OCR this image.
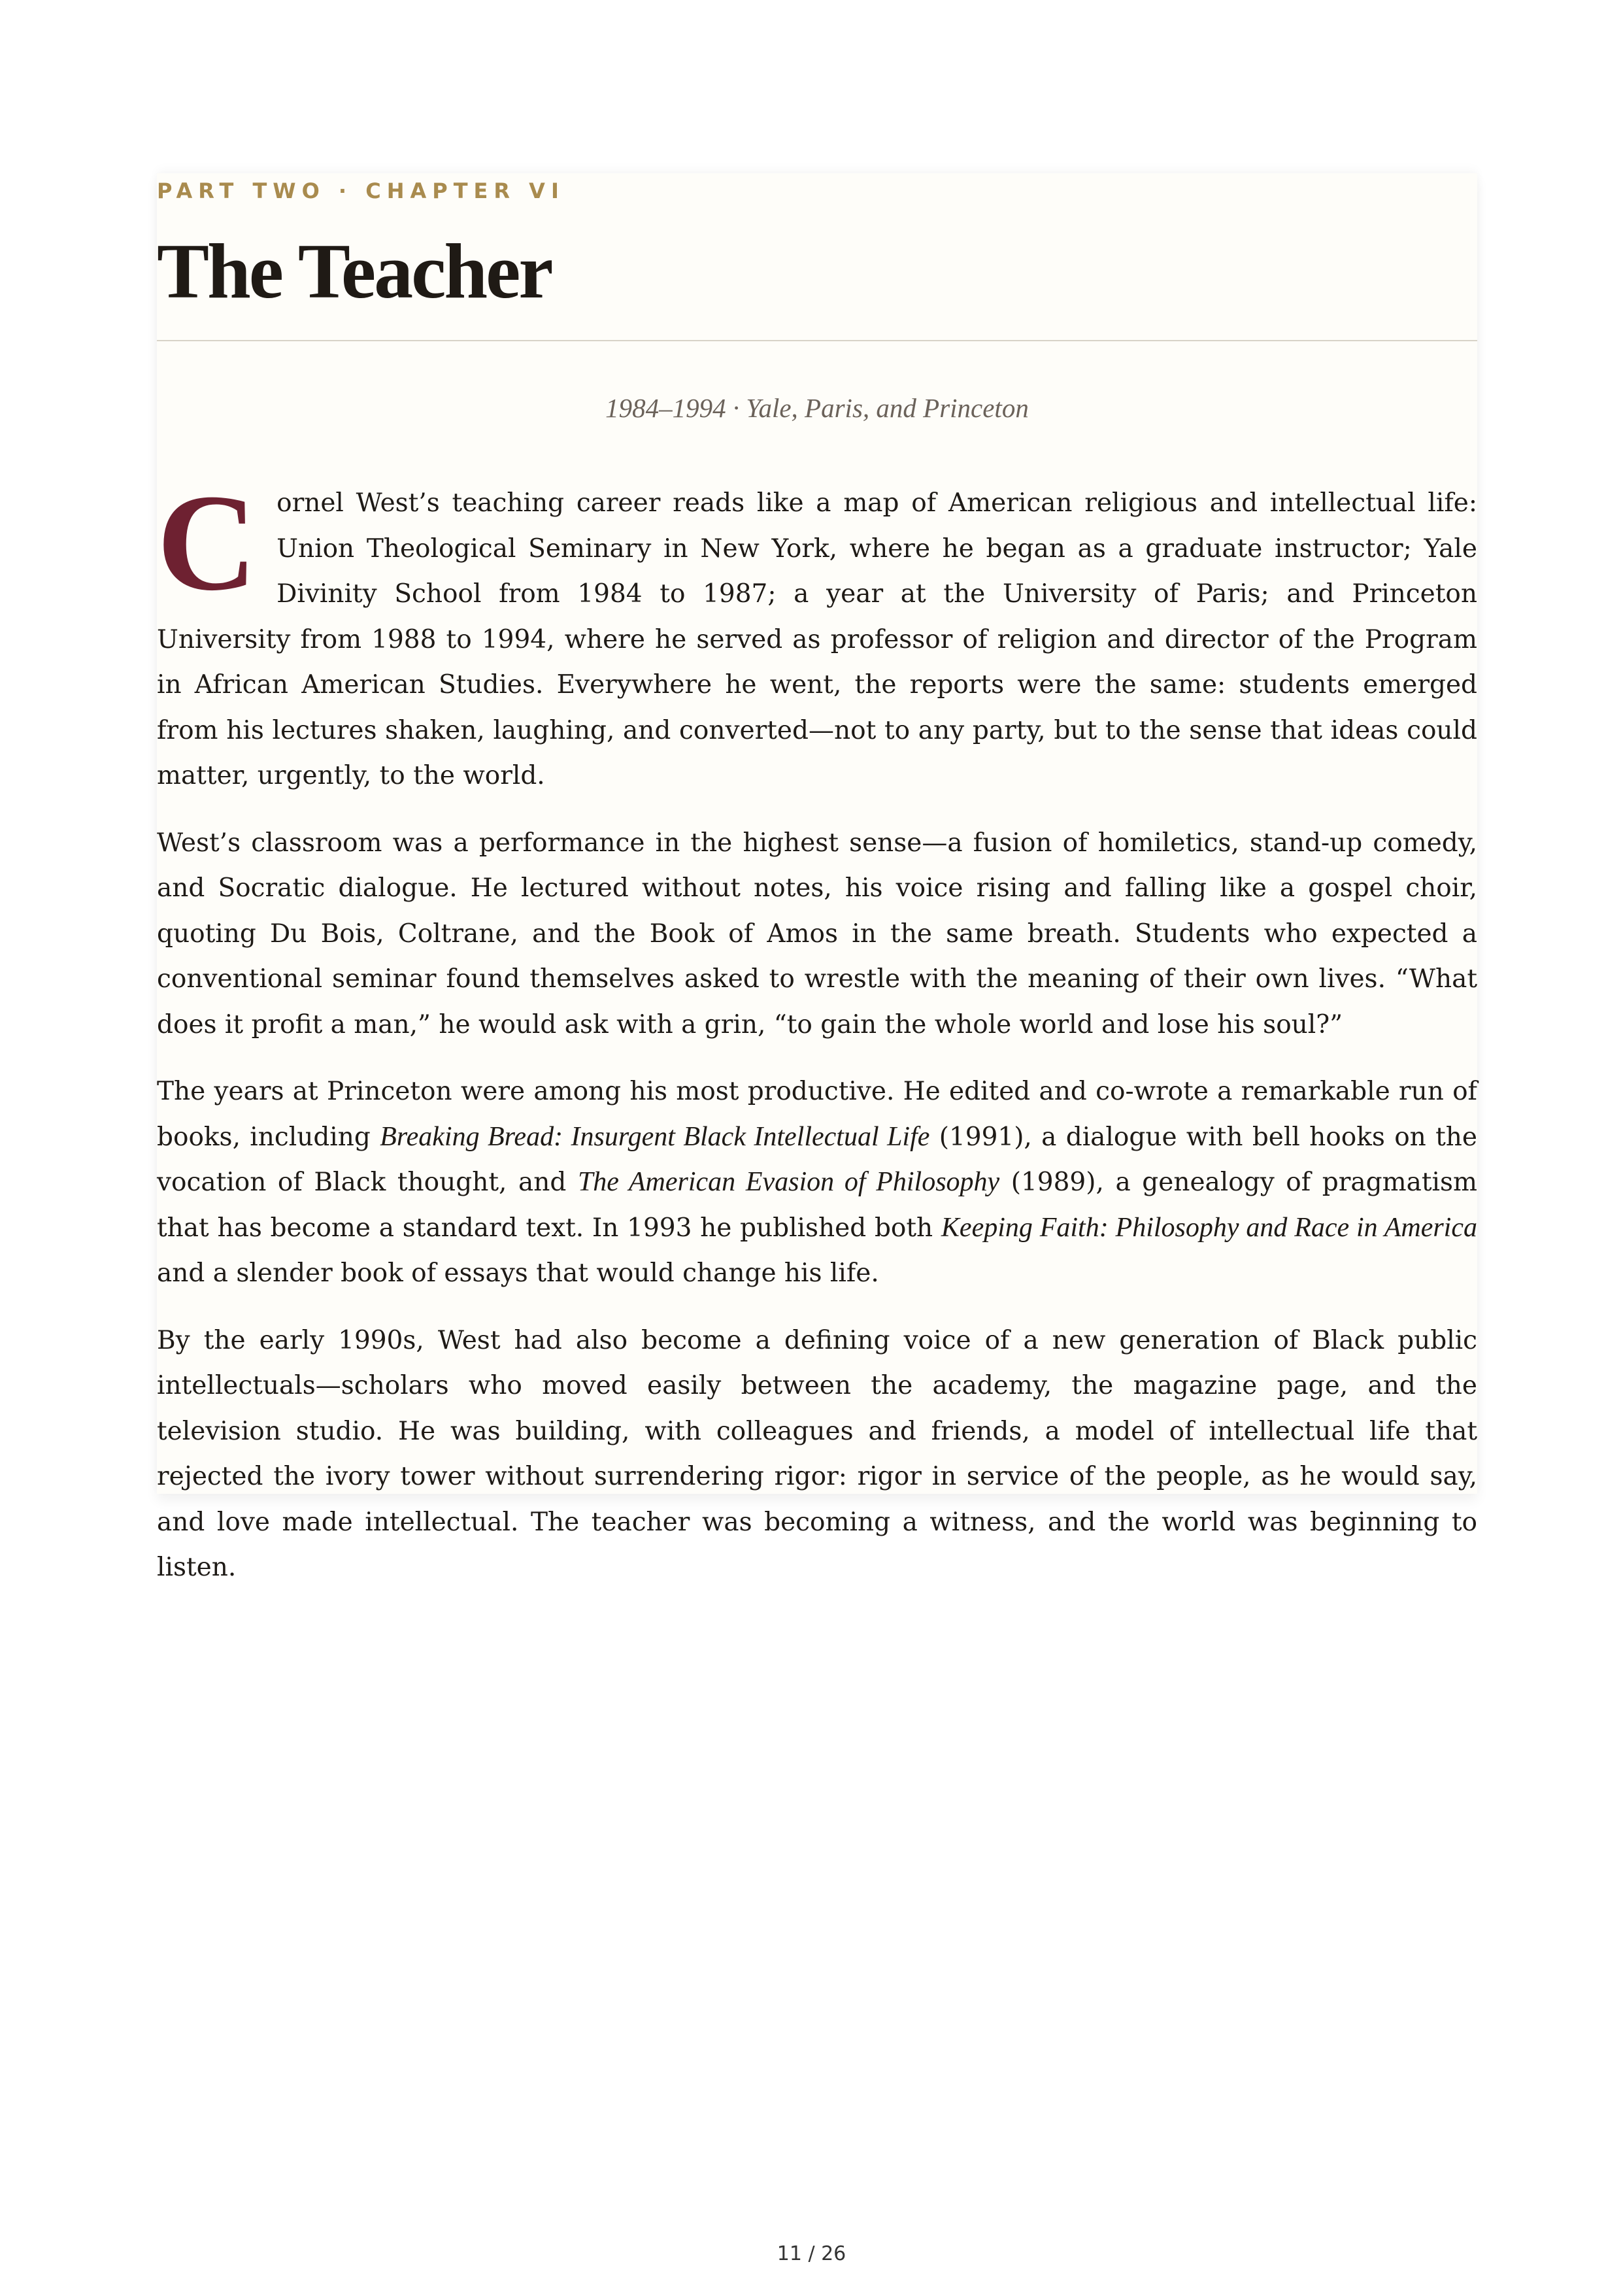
PART TWO · CHAPTER VI
The Teacher
1984–1994 · Yale, Paris, and Princeton

Cornel West’s teaching career reads like a map of American religious and intellectual life: Union Theological Seminary in New York, where he began as a graduate instructor; Yale Divinity School from 1984 to 1987; a year at the University of Paris; and Princeton University from 1988 to 1994, where he served as professor of religion and director of the Program in African American Studies. Everywhere he went, the reports were the same: students emerged from his lectures shaken, laughing, and converted—not to any party, but to the sense that ideas could matter, urgently, to the world.

West’s classroom was a performance in the highest sense—a fusion of homiletics, stand-up comedy, and Socratic dialogue. He lectured without notes, his voice rising and falling like a gospel choir, quoting Du Bois, Coltrane, and the Book of Amos in the same breath. Students who expected a conventional seminar found themselves asked to wrestle with the meaning of their own lives. “What does it profit a man,” he would ask with a grin, “to gain the whole world and lose his soul?”

The years at Princeton were among his most productive. He edited and co-wrote a remarkable run of books, including Breaking Bread: Insurgent Black Intellectual Life (1991), a dialogue with bell hooks on the vocation of Black thought, and The American Evasion of Philosophy (1989), a genealogy of pragmatism that has become a standard text. In 1993 he published both Keeping Faith: Philosophy and Race in America and a slender book of essays that would change his life.

By the early 1990s, West had also become a defining voice of a new generation of Black public intellectuals—scholars who moved easily between the academy, the magazine page, and the television studio. He was building, with colleagues and friends, a model of intellectual life that rejected the ivory tower without surrendering rigor: rigor in service of the people, as he would say, and love made intellectual. The teacher was becoming a witness, and the world was beginning to listen.

11 / 26
